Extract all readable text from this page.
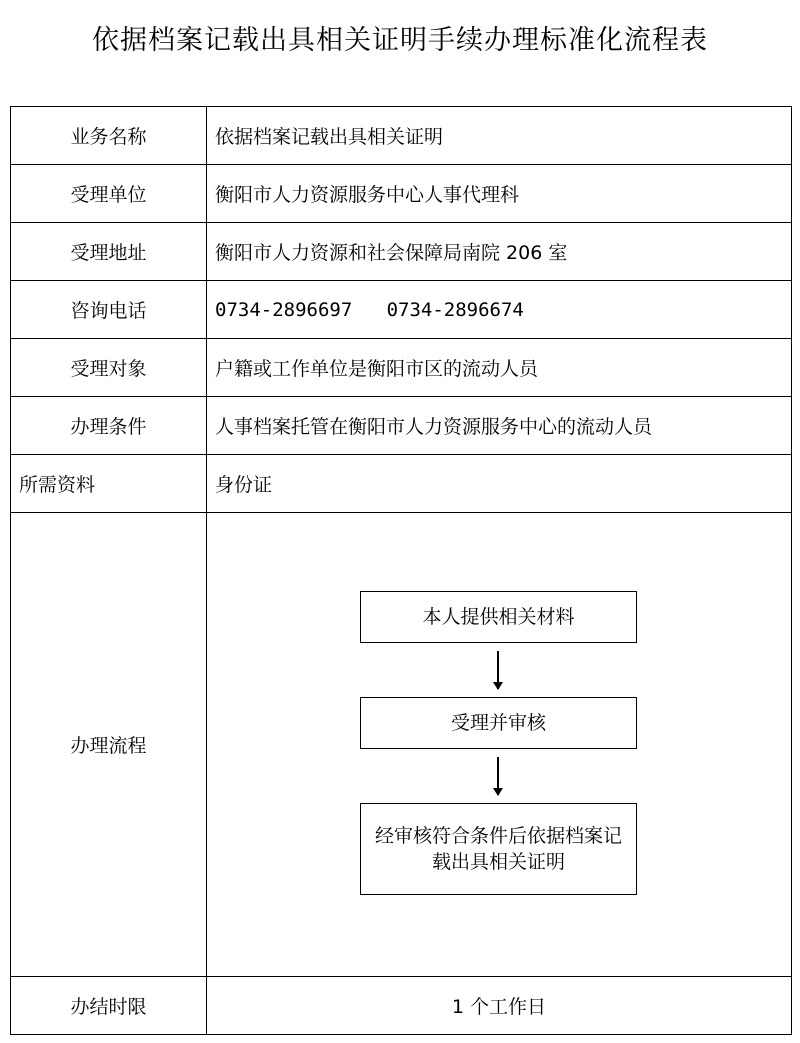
依据档案记载出具相关证明手续办理标准化流程表
业务名称	依据档案记载出具相关证明
受理单位	衡阳市人力资源服务中心人事代理科
受理地址	衡阳市人力资源和社会保障局南院 206 室
咨询电话	0734-2896697   0734-2896674
受理对象	户籍或工作单位是衡阳市区的流动人员
办理条件	人事档案托管在衡阳市人力资源服务中心的流动人员
所需资料	身份证
办理流程	本人提供相关材料
受理并审核
经审核符合条件后依据档案记载出具相关证明

办结时限	1 个工作日
